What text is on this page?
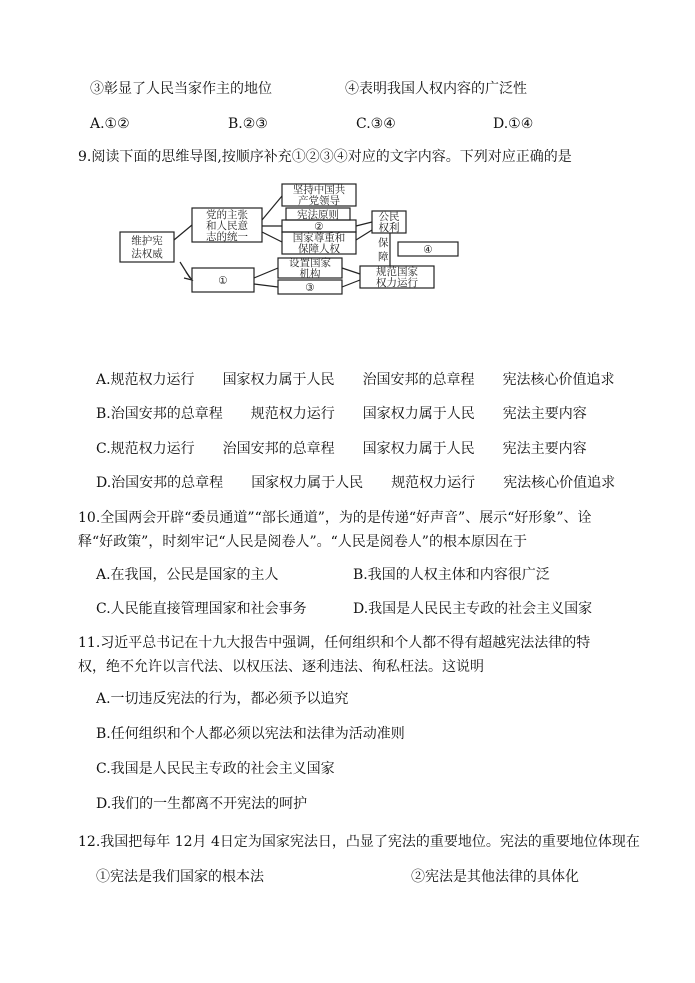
③彰显了人民当家作主的地位	④表明我国人权内容的广泛性
A.①②	B.②③	C.③④	D.①④
9.阅读下面的思维导图,按顺序补充①②③④对应的文字内容。下列对应正确的是
维护宪
法权威
党的主张
和人民意
志的统一
①
坚持中国共
产党领导
宪法原则
②
国家尊重和
保障人权
设置国家
机构
③
公民
权利
保
障
④
规范国家
权力运行
A.规范权力运行　　 国家权力属于人民　　 治国安邦的总章程　　 宪法核心价值追求
B.治国安邦的总章程　　 规范权力运行　　 国家权力属于人民　　 宪法主要内容
C.规范权力运行　　 治国安邦的总章程　　 国家权力属于人民　　 宪法主要内容
D.治国安邦的总章程　　 国家权力属于人民　　 规范权力运行　　 宪法核心价值追求
10.全国两会开辟“委员通道”“部长通道”，为的是传递“好声音”、展示“好形象”、诠释“好政策”，时刻牢记“人民是阅卷人”。“人民是阅卷人”的根本原因在于
A.在我国，公民是国家的主人	B.我国的人权主体和内容很广泛
C.人民能直接管理国家和社会事务	D.我国是人民民主专政的社会主义国家
11.习近平总书记在十九大报告中强调，任何组织和个人都不得有超越宪法法律的特权，绝不允许以言代法、以权压法、逐利违法、徇私枉法。这说明
A.一切违反宪法的行为，都必须予以追究
B.任何组织和个人都必须以宪法和法律为活动准则
C.我国是人民民主专政的社会主义国家
D.我们的一生都离不开宪法的呵护
12.我国把每年 12月 4日定为国家宪法日，凸显了宪法的重要地位。宪法的重要地位体现在
①宪法是我们国家的根本法	②宪法是其他法律的具体化
